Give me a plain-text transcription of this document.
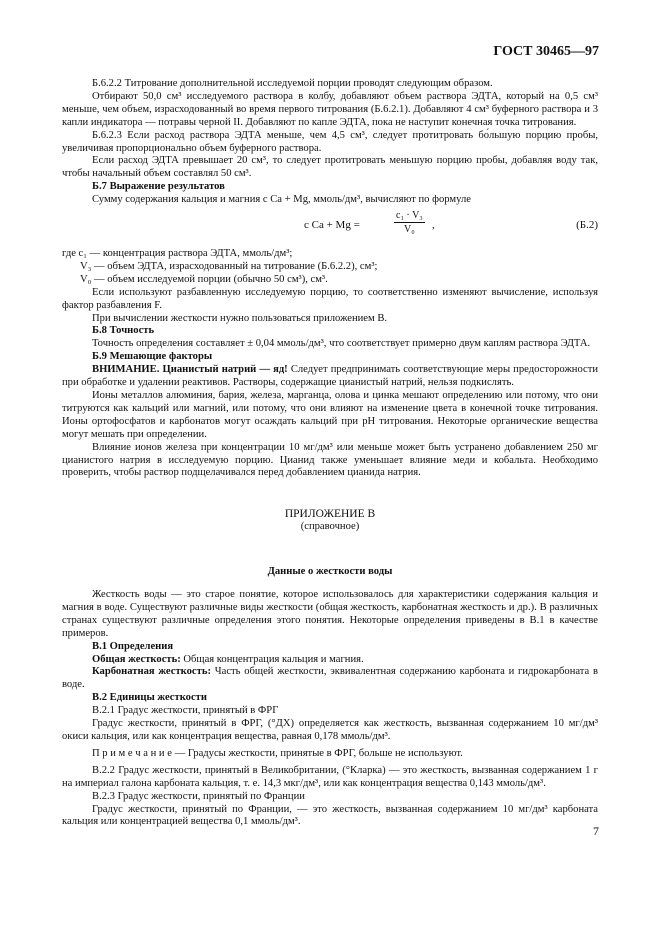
ГОСТ 30465—97

Б.6.2.2 Титрование дополнительной исследуемой порции проводят следующим образом.

Отбирают 50,0 см³ исследуемого раствора в колбу, добавляют объем раствора ЭДТА, который на 0,5 см³ меньше, чем объем, израсходованный во время первого титрования (Б.6.2.1). Добавляют 4 см³ буферного раствора и 3 капли индикатора — потравы черной II. Добавляют по капле ЭДТА, пока не наступит конечная точка титрования.

Б.6.2.3 Если расход раствора ЭДТА меньше, чем 4,5 см³, следует протитровать бо́льшую порцию пробы, увеличивая пропорционально объем буферного раствора.

Если расход ЭДТА превышает 20 см³, то следует протитровать меньшую порцию пробы, добавляя воду так, чтобы начальный объем составлял 50 см³.

Б.7 Выражение результатов

Сумму содержания кальция и магния c Ca + Mg, ммоль/дм³, вычисляют по формуле

c Ca + Mg =	$\frac{\text{c₁ · V₃}}{\text{V₀}}$ ,	(Б.2)

где c₁ — концентрация раствора ЭДТА, ммоль/дм³;

V₃ — объем ЭДТА, израсходованный на титрование (Б.6.2.2), см³;

V₀ — объем исследуемой порции (обычно 50 см³), см³.

Если используют разбавленную исследуемую порцию, то соответственно изменяют вычисление, используя фактор разбавления F.

При вычислении жесткости нужно пользоваться приложением В.

Б.8 Точность

Точность определения составляет ± 0,04 ммоль/дм³, что соответствует примерно двум каплям раствора ЭДТА.

Б.9 Мешающие факторы

ВНИМАНИЕ. Цианистый натрий — яд! Следует предпринимать соответствующие меры предосторожности при обработке и удалении реактивов. Растворы, содержащие цианистый натрий, нельзя подкислять.

Ионы металлов алюминия, бария, железа, марганца, олова и цинка мешают определению или потому, что они титруются как кальций или магний, или потому, что они влияют на изменение цвета в конечной точке титрования. Ионы ортофосфатов и карбонатов могут осаждать кальций при pH титрования. Некоторые органические вещества могут мешать при определении.

Влияние ионов железа при концентрации 10 мг/дм³ или меньше может быть устранено добавлением 250 мг цианистого натрия в исследуемую порцию. Цианид также уменьшает влияние меди и кобальта. Необходимо проверить, чтобы раствор подщелачивался перед добавлением цианида натрия.

ПРИЛОЖЕНИЕ В
(справочное)
Данные о жесткости воды

Жесткость воды — это старое понятие, которое использовалось для характеристики содержания кальция и магния в воде. Существуют различные виды жесткости (общая жесткость, карбонатная жесткость и др.). В различных странах существуют различные определения этого понятия. Некоторые определения приведены в В.1 в качестве примеров.

В.1 Определения

Общая жесткость: Общая концентрация кальция и магния.

Карбонатная жесткость: Часть общей жесткости, эквивалентная содержанию карбоната и гидрокарбоната в воде.

В.2 Единицы жесткости

В.2.1 Градус жесткости, принятый в ФРГ

Градус жесткости, принятый в ФРГ, (°ДХ) определяется как жесткость, вызванная содержанием 10 мг/дм³ окиси кальция, или как концентрация вещества, равная 0,178 ммоль/дм³.

П р и м е ч а н и е — Градусы жесткости, принятые в ФРГ, больше не используют.

В.2.2 Градус жесткости, принятый в Великобритании, (°Кларка) — это жесткость, вызванная содержанием 1 г на империал галона карбоната кальция, т. е. 14,3 мкг/дм³, или как концентрация вещества 0,143 ммоль/дм³.

В.2.3 Градус жесткости, принятый по Франции

Градус жесткости, принятый по Франции, — это жесткость, вызванная содержанием 10 мг/дм³ карбоната кальция или концентрацией вещества 0,1 ммоль/дм³.

7
